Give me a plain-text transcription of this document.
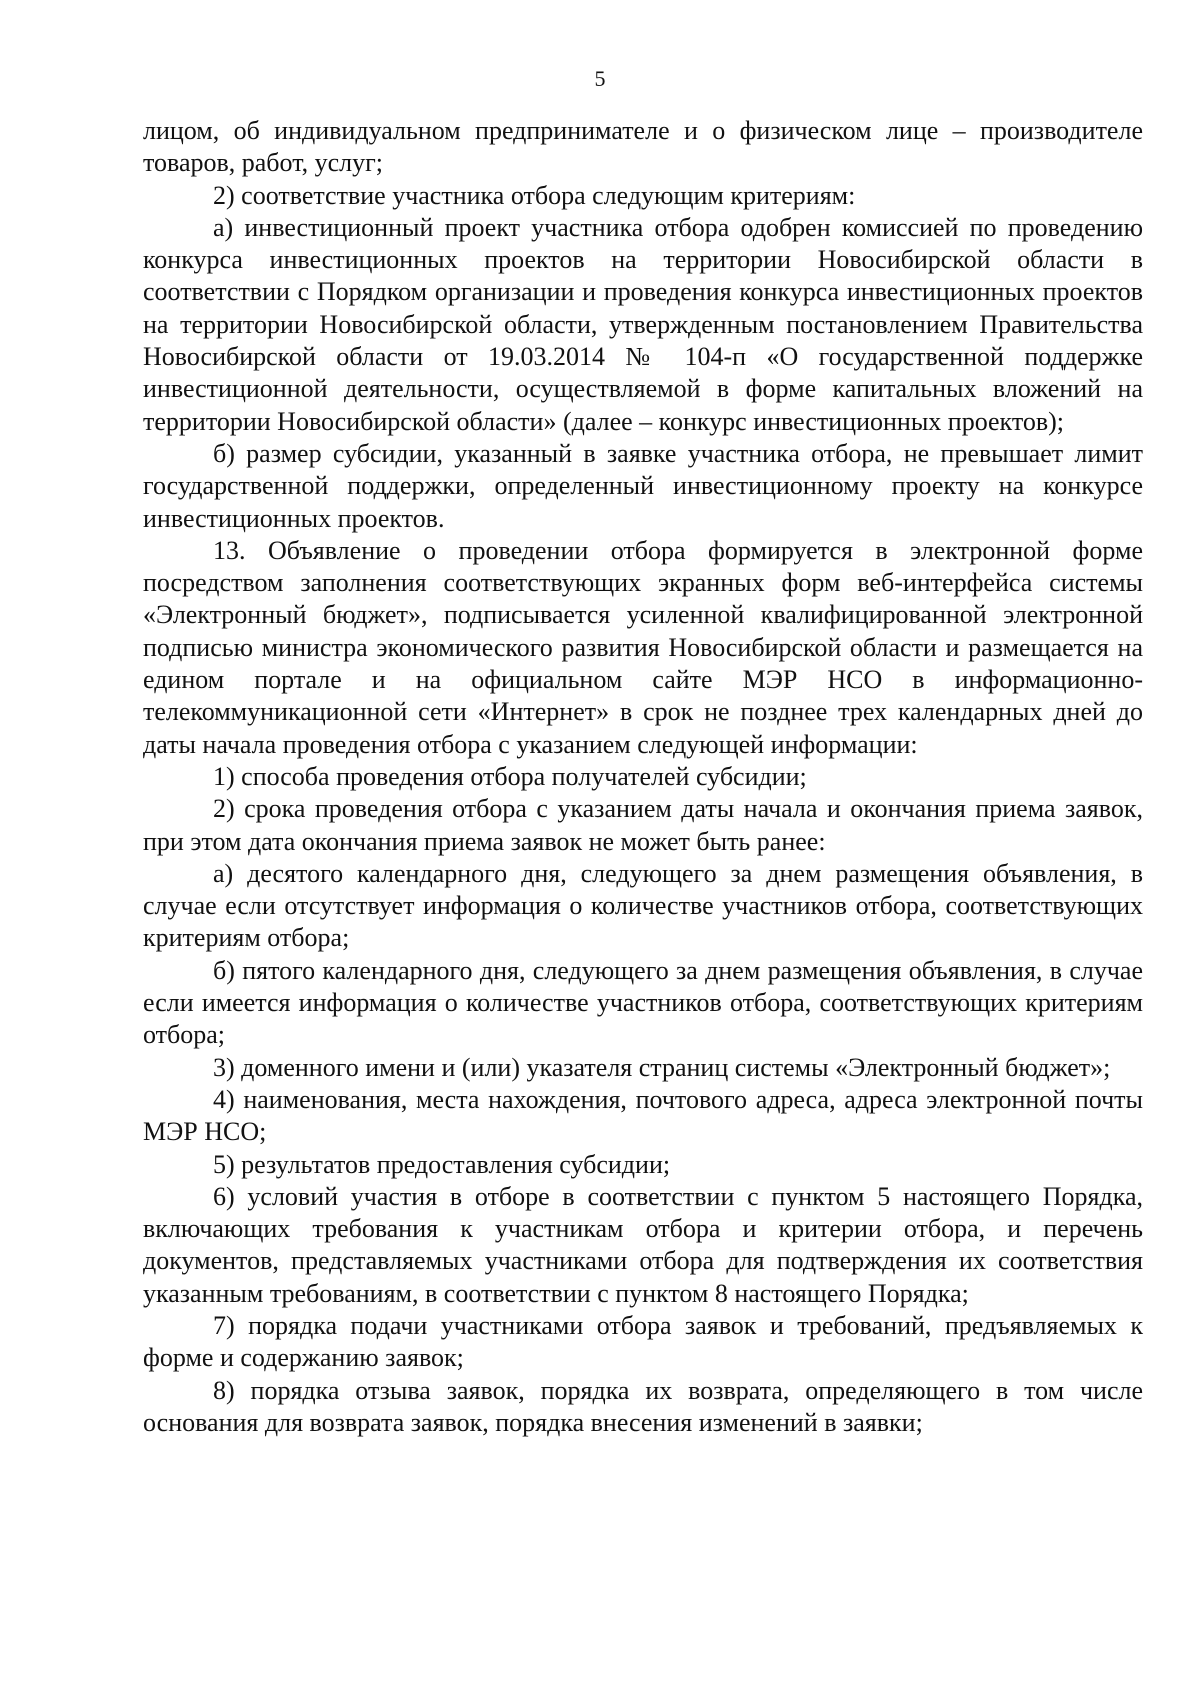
5

лицом, об индивидуальном предпринимателе и о физическом лице – производителе товаров, работ, услуг;

2) соответствие участника отбора следующим критериям:

а) инвестиционный проект участника отбора одобрен комиссией по проведению конкурса инвестиционных проектов на территории Новосибирской области в соответствии с Порядком организации и проведения конкурса инвестиционных проектов на территории Новосибирской области, утвержденным постановлением Правительства Новосибирской области от 19.03.2014 № 104-п «О государственной поддержке инвестиционной деятельности, осуществляемой в форме капитальных вложений на территории Новосибирской области» (далее – конкурс инвестиционных проектов);

б) размер субсидии, указанный в заявке участника отбора, не превышает лимит государственной поддержки, определенный инвестиционному проекту на конкурсе инвестиционных проектов.

13. Объявление о проведении отбора формируется в электронной форме посредством заполнения соответствующих экранных форм веб-интерфейса системы «Электронный бюджет», подписывается усиленной квалифицированной электронной подписью министра экономического развития Новосибирской области и размещается на едином портале и на официальном сайте МЭР НСО в информационно-телекоммуникационной сети «Интернет» в срок не позднее трех календарных дней до даты начала проведения отбора с указанием следующей информации:

1) способа проведения отбора получателей субсидии;

2) срока проведения отбора с указанием даты начала и окончания приема заявок, при этом дата окончания приема заявок не может быть ранее:

а) десятого календарного дня, следующего за днем размещения объявления, в случае если отсутствует информация о количестве участников отбора, соответствующих критериям отбора;

б) пятого календарного дня, следующего за днем размещения объявления, в случае если имеется информация о количестве участников отбора, соответствующих критериям отбора;

3) доменного имени и (или) указателя страниц системы «Электронный бюджет»;

4) наименования, места нахождения, почтового адреса, адреса электронной почты МЭР НСО;

5) результатов предоставления субсидии;

6) условий участия в отборе в соответствии с пунктом 5 настоящего Порядка, включающих требования к участникам отбора и критерии отбора, и перечень документов, представляемых участниками отбора для подтверждения их соответствия указанным требованиям, в соответствии с пунктом 8 настоящего Порядка;

7) порядка подачи участниками отбора заявок и требований, предъявляемых к форме и содержанию заявок;

8) порядка отзыва заявок, порядка их возврата, определяющего в том числе основания для возврата заявок, порядка внесения изменений в заявки;
